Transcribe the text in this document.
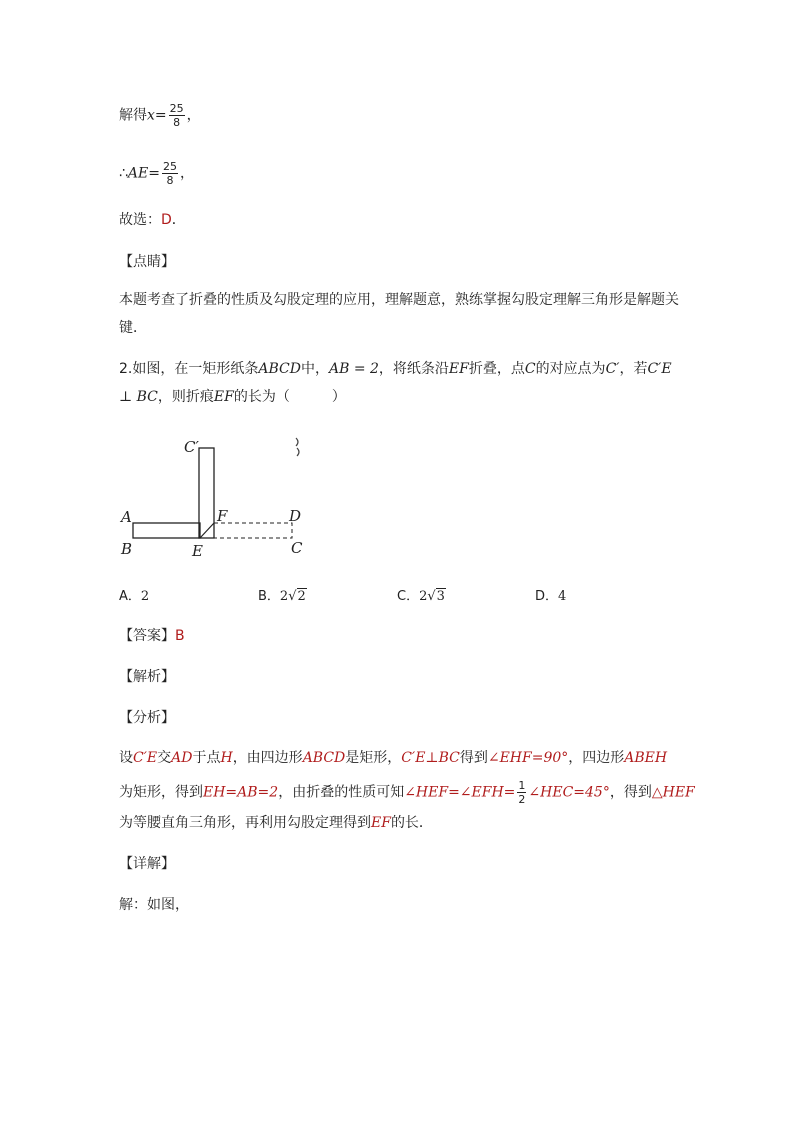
解得$x= \frac{25}{8}$ ，
∴AE= $\frac{25}{8}$ ，
故选：D．
【点睛】
本题考查了折叠的性质及勾股定理的应用，理解题意，熟练掌握勾股定理解三角形是解题关键．
2.如图，在一矩形纸条ABCD中，AB = 2，将纸条沿EF折叠，点C的对应点为C′，若C′E ⊥ BC，则折痕EF的长为（　　　）
C′
A
B	E
F	D
C
A．2	B．2√2	C．2√3	D．4
【答案】B
【解析】
【分析】
设C′E交AD于点H，由四边形ABCD是矩形，C′E⊥BC得到∠EHF=90°，四边形ABEH
为矩形，得到EH=AB=2，由折叠的性质可知∠HEF=∠EFH= $\frac{1}{2}$ ∠HEC=45°，得到△HEF
为等腰直角三角形，再利用勾股定理得到EF的长．
【详解】
解：如图，
